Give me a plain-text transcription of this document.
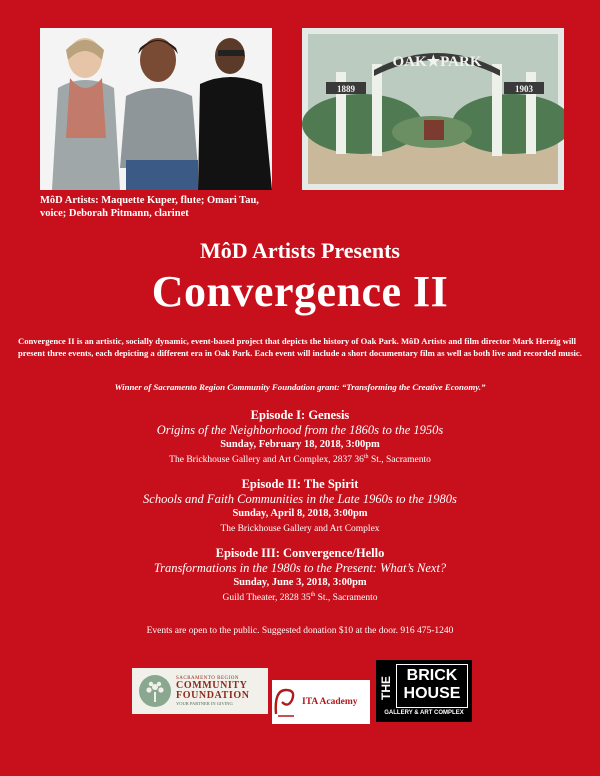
OAK★PARK
1889	1903
MôD Artists: Maquette Kuper, flute; Omari Tau, voice; Deborah Pitmann, clarinet
MôD Artists Presents
Convergence II
Convergence II is an artistic, socially dynamic, event-based project that depicts the history of Oak Park. MôD Artists and film director Mark Herzig will present three events, each depicting a different era in Oak Park. Each event will include a short documentary film as well as both live and recorded music.
Winner of Sacramento Region Community Foundation grant: “Transforming the Creative Economy.”
Episode I: Genesis
Origins of the Neighborhood from the 1860s to the 1950s
Sunday, February 18, 2018, 3:00pm
The Brickhouse Gallery and Art Complex, 2837 36th St., Sacramento
Episode II: The Spirit
Schools and Faith Communities in the Late 1960s to the 1980s
Sunday, April 8, 2018, 3:00pm
The Brickhouse Gallery and Art Complex
Episode III: Convergence/Hello
Transformations in the 1980s to the Present: What’s Next?
Sunday, June 3, 2018, 3:00pm
Guild Theater, 2828 35th St., Sacramento
Events are open to the public. Suggested donation $10 at the door. 916 475-1240
SACRAMENTO REGION
COMMUNITY
FOUNDATION
YOUR PARTNER IN GIVING	ITA Academy
THE
BRICK
HOUSE
GALLERY & ART COMPLEX
